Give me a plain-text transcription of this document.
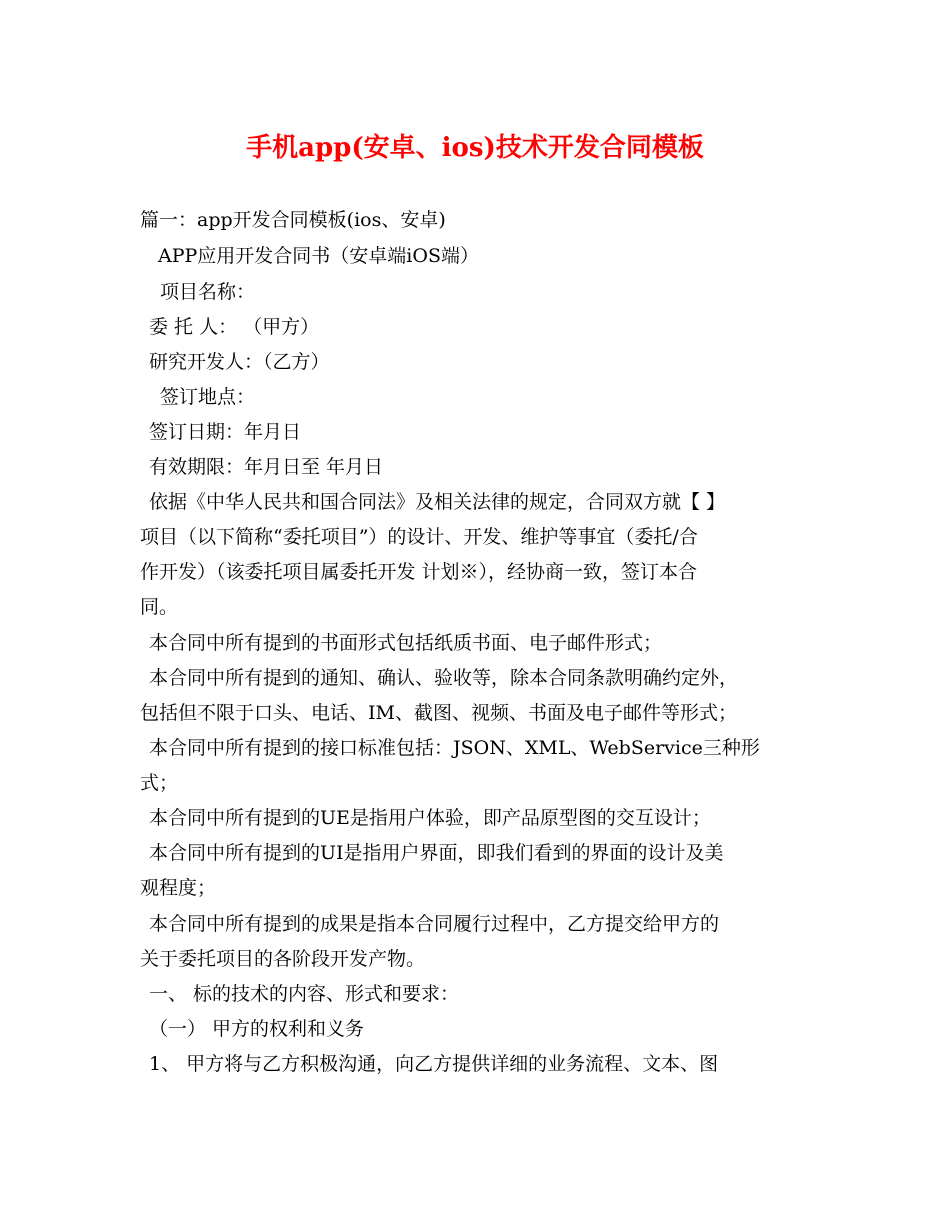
手机app(安卓、ios)技术开发合同模板
篇一：app开发合同模板(ios、安卓)
APP应用开发合同书（安卓端iOS端）
项目名称：
委 托 人： （甲方）
研究开发人：（乙方）
签订地点：
签订日期：年月日
有效期限：年月日至 年月日
依据《中华人民共和国合同法》及相关法律的规定，合同双方就【 】
项目（以下简称“委托项目”）的设计、开发、维护等事宜（委托/合
作开发）（该委托项目属委托开发 计划※），经协商一致，签订本合
同。
本合同中所有提到的书面形式包括纸质书面、电子邮件形式；
本合同中所有提到的通知、确认、验收等，除本合同条款明确约定外，
包括但不限于口头、电话、IM、截图、视频、书面及电子邮件等形式；
本合同中所有提到的接口标准包括：JSON、XML、WebService三种形
式；
本合同中所有提到的UE是指用户体验，即产品原型图的交互设计；
本合同中所有提到的UI是指用户界面，即我们看到的界面的设计及美
观程度；
本合同中所有提到的成果是指本合同履行过程中，乙方提交给甲方的
关于委托项目的各阶段开发产物。
一、 标的技术的内容、形式和要求：
（一） 甲方的权利和义务
1、 甲方将与乙方积极沟通，向乙方提供详细的业务流程、文本、图
